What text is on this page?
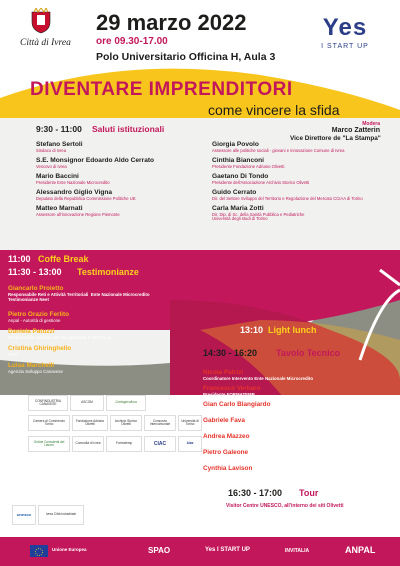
Città di Ivrea
29 marzo 2022
ore 09.30-17.00
Polo Universitario Officina H, Aula 3
Yes
I START UP
DIVENTARE IMPRENDITORI
come vincere la sfida
Modera
Marco Zatterin
Vice Direttore de "La Stampa"
9:30 - 11:00 Saluti istituzionali
Stefano Sertoli
Sindaco di Ivrea
S.E. Monsignor Edoardo Aldo Cerrato
Vescovo di Ivrea
Mario Baccini
Presidente Ente Nazionale Microcredito
Alessandro Giglio Vigna
Deputato della Repubblica Commissione Politiche UE
Matteo Marnati
Assessore all'innovazione Regione Piemonte
Giorgia Povolo
Assessore alle politiche sociali - giovani e innovazione Comune di Ivrea
Cinthia Bianconi
Presidente Fondazione Adriano Olivetti
Gaetano Di Tondo
Presidente dell'Associazione Archivio Storico Olivetti
Guido Cerrato
Dir. del Settore Sviluppo del Territorio e Regolazione del Mercato CCIAA di Torino
Carla Maria Zotti
Dir. Dip. di Sc. della Sanità Pubblica e Pediatriche
Università degli studi di Torino
11:00 Coffe Break
11:30 - 13:00 Testimonianze
Giancarlo Proietto
Responsabile Reti e Attività Territoriali  Ente Nazionale Microcredito
Testimonianze Neet
Pietro Orazio Ferlito
Anpal - Autorità di gestione
Daniela Patuzzi
Responsabile Service Unit Occupazione 1 INVITALIA
Cristina Ghiringhello
CIAC
Luisa Marchelli
Agenzia Sviluppo Canavese
13:10 Light lunch
14:30 - 16:20 Tavolo Tecnico
Nicola Patrizi
Coordinatore Intervento Ente Nazionale Microcredito
Francesco Verbaro
Presidente FORMATEMP
Gian Carlo Blangiardo
Presidente ISTAT
Gabriele Fava
Pres dell'Osservatorio sulle Risorse Pubbliche Corte dei Conti
Andrea Mazzeo
Psicologo formazione
Pietro Galeone
Esperto Economico Ministero del Lavoro e delle Politiche sociali
Cynthia Lavison
OCSE
16:30 - 17:00 Tour
Visitor Centre UNESCO, all'interno dei siti Olivetti
CONFINDUSTRIA CANAVESE	ASCOM	Confagricoltura
Camera di Commercio Torino
Fondazione Adriano Olivetti
Archivio Storico Olivetti
Consorzio Intercomunale
Università di Torino
Ordine Consulenti del Lavoro	Comunità di Ivrea	Formatemp	CIAC	Aias
unesco	Ivrea Città Industriale
Unione Europea	SPAO	Yes I START UP	INVITALIA	ANPAL
